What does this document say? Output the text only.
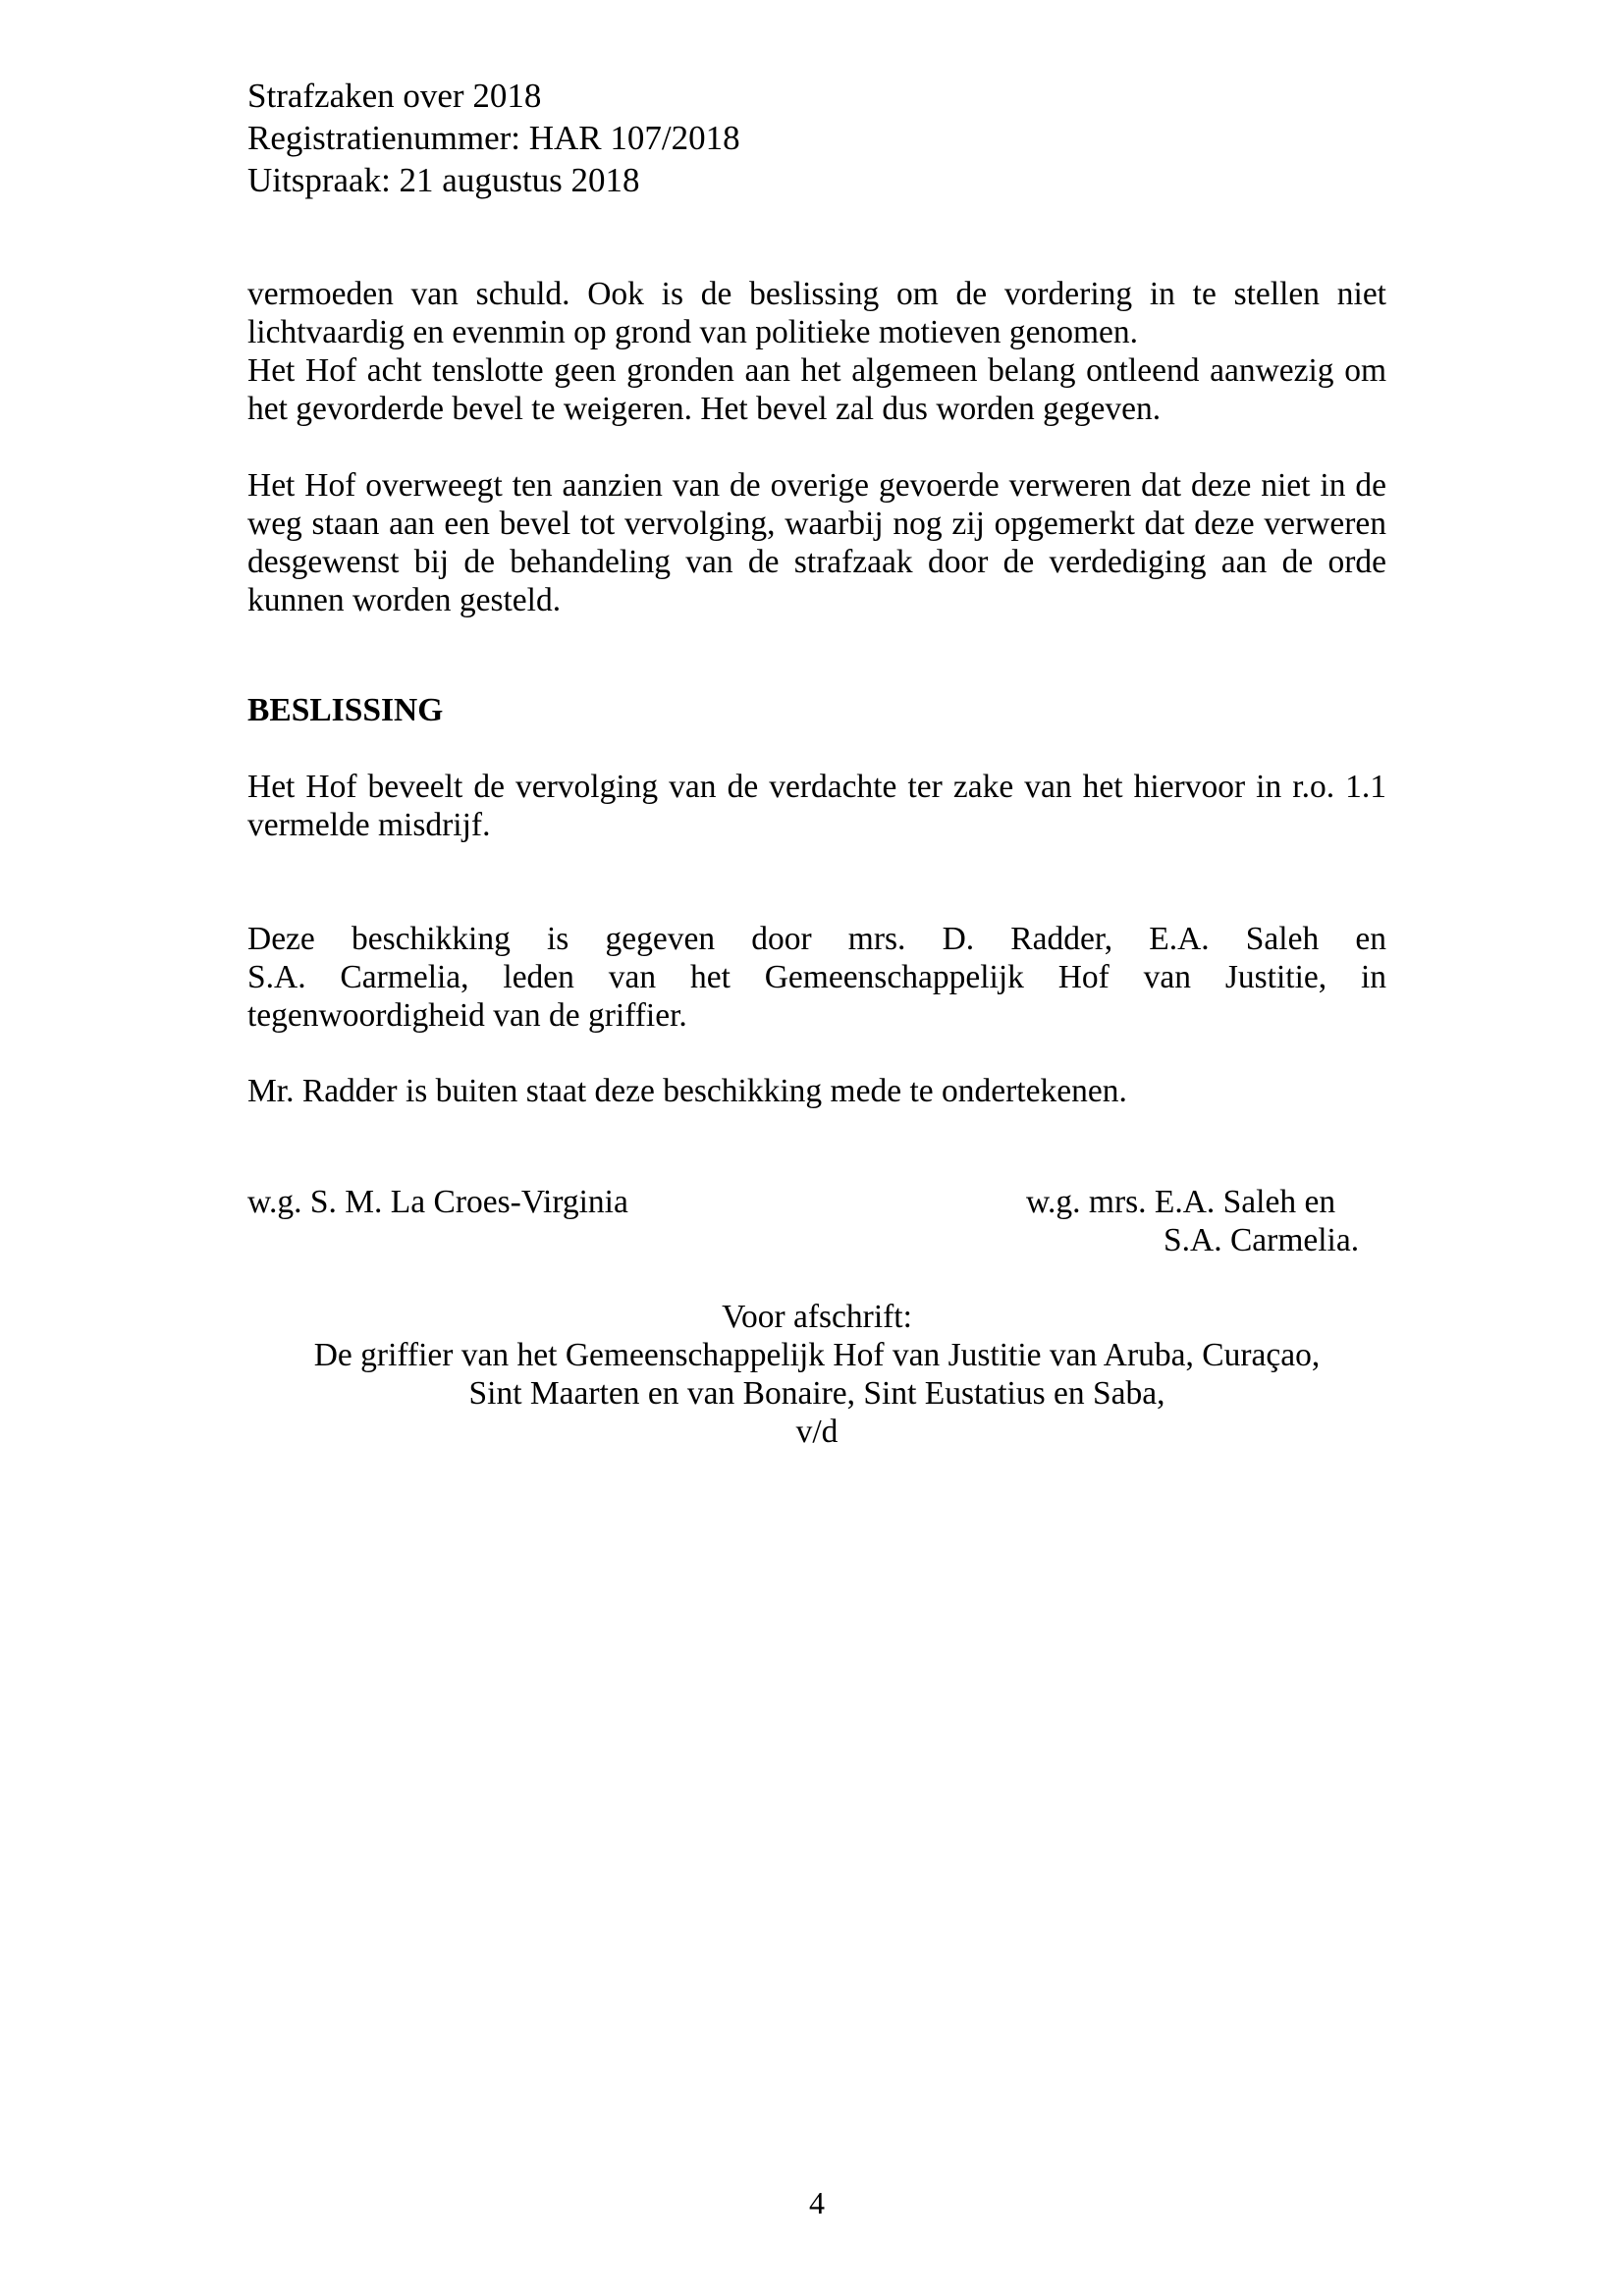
Strafzaken over 2018
Registratienummer: HAR 107/2018
Uitspraak: 21 augustus 2018
vermoeden van schuld. Ook is de beslissing om de vordering in te stellen niet
lichtvaardig en evenmin op grond van politieke motieven genomen.
Het Hof acht tenslotte geen gronden aan het algemeen belang ontleend aanwezig om
het gevorderde bevel te weigeren. Het bevel zal dus worden gegeven.
Het Hof overweegt ten aanzien van de overige gevoerde verweren dat deze niet in de
weg staan aan een bevel tot vervolging, waarbij nog zij opgemerkt dat deze verweren
desgewenst bij de behandeling van de strafzaak door de verdediging aan de orde
kunnen worden gesteld.
BESLISSING
Het Hof beveelt de vervolging van de verdachte ter zake van het hiervoor in r.o. 1.1
vermelde misdrijf.
Deze beschikking is gegeven door mrs. D. Radder, E.A. Saleh en
S.A. Carmelia, leden van het Gemeenschappelijk Hof van Justitie, in
tegenwoordigheid van de griffier.
Mr. Radder is buiten staat deze beschikking mede te ondertekenen.
w.g. S. M. La Croes-Virginia	w.g. mrs. E.A. Saleh en
S.A. Carmelia.
Voor afschrift:
De griffier van het Gemeenschappelijk Hof van Justitie van Aruba, Curaçao,
Sint Maarten en van Bonaire, Sint Eustatius en Saba,
v/d
4
